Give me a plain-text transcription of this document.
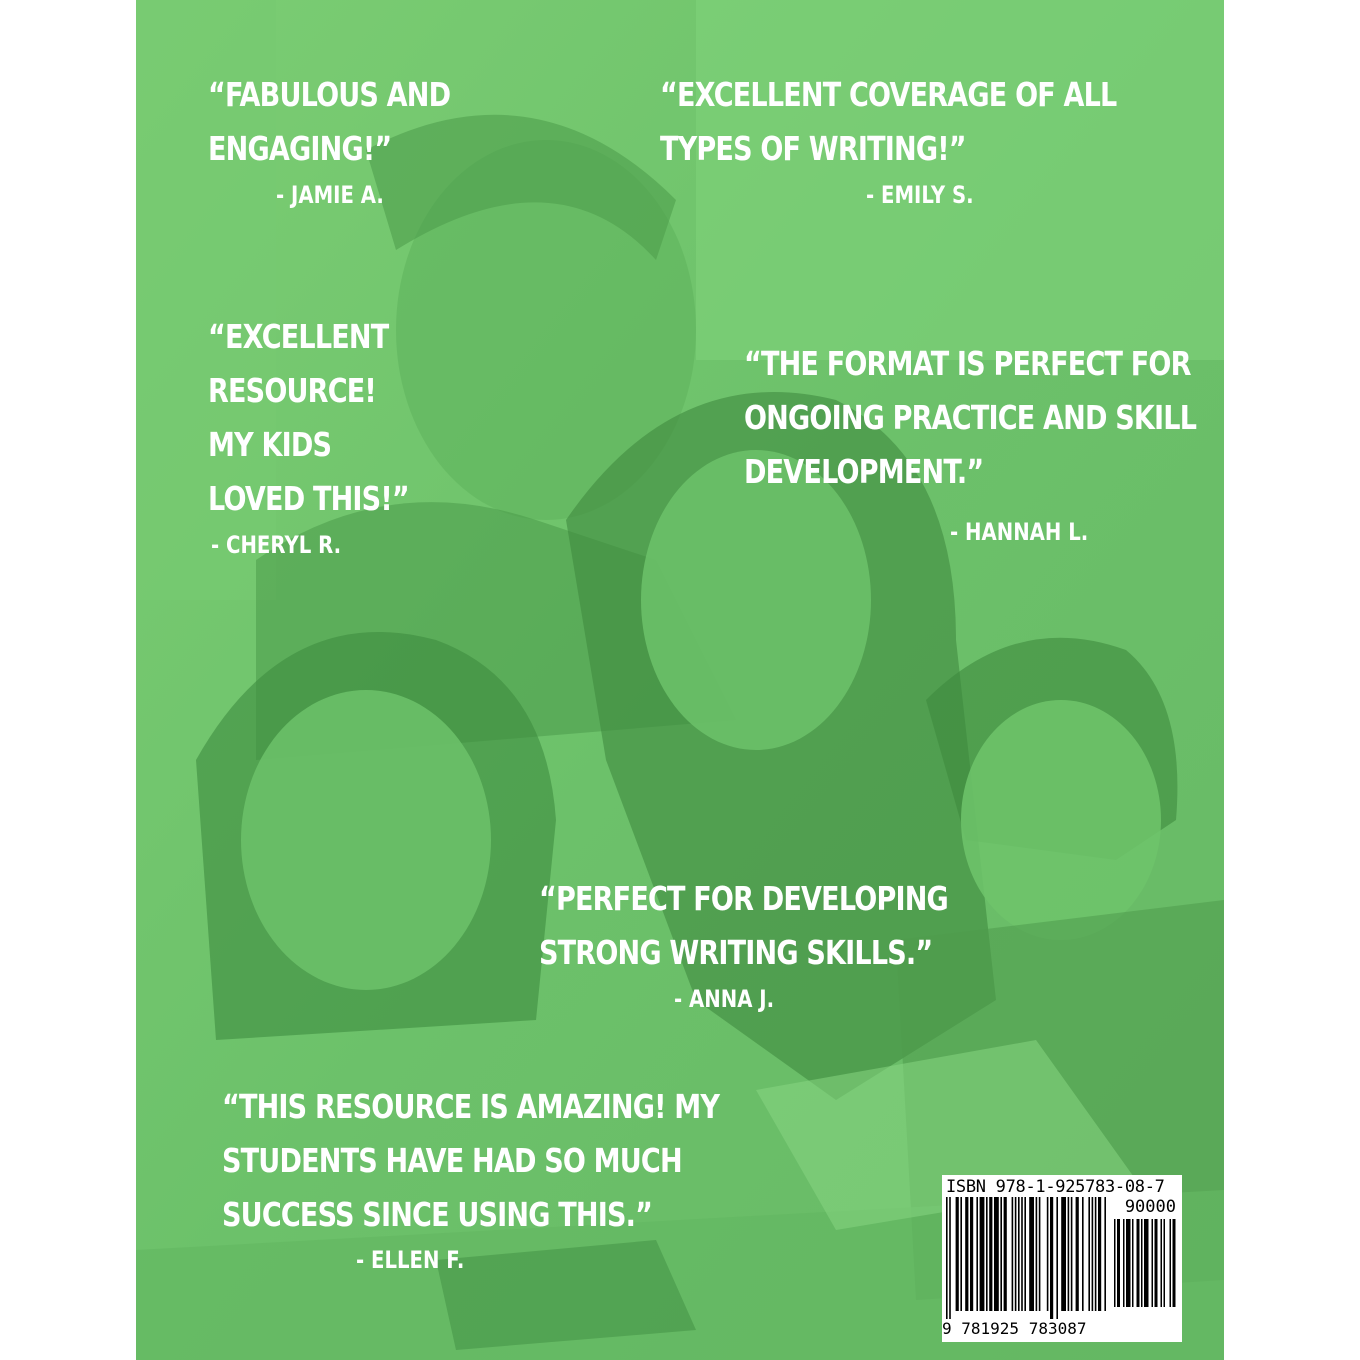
“FABULOUS AND
ENGAGING!”
- JAMIE A.
“EXCELLENT COVERAGE OF ALL
TYPES OF WRITING!”
- EMILY S.
“EXCELLENT
RESOURCE!
MY KIDS
LOVED THIS!”
- CHERYL R.
“THE FORMAT IS PERFECT FOR
ONGOING PRACTICE AND SKILL
DEVELOPMENT.”
- HANNAH L.
“PERFECT FOR DEVELOPING
STRONG WRITING SKILLS.”
- ANNA J.
“THIS RESOURCE IS AMAZING! MY
STUDENTS HAVE HAD SO MUCH
SUCCESS SINCE USING THIS.”
- ELLEN F.
ISBN 978-1-925783-08-7
90000
9 781925 783087
